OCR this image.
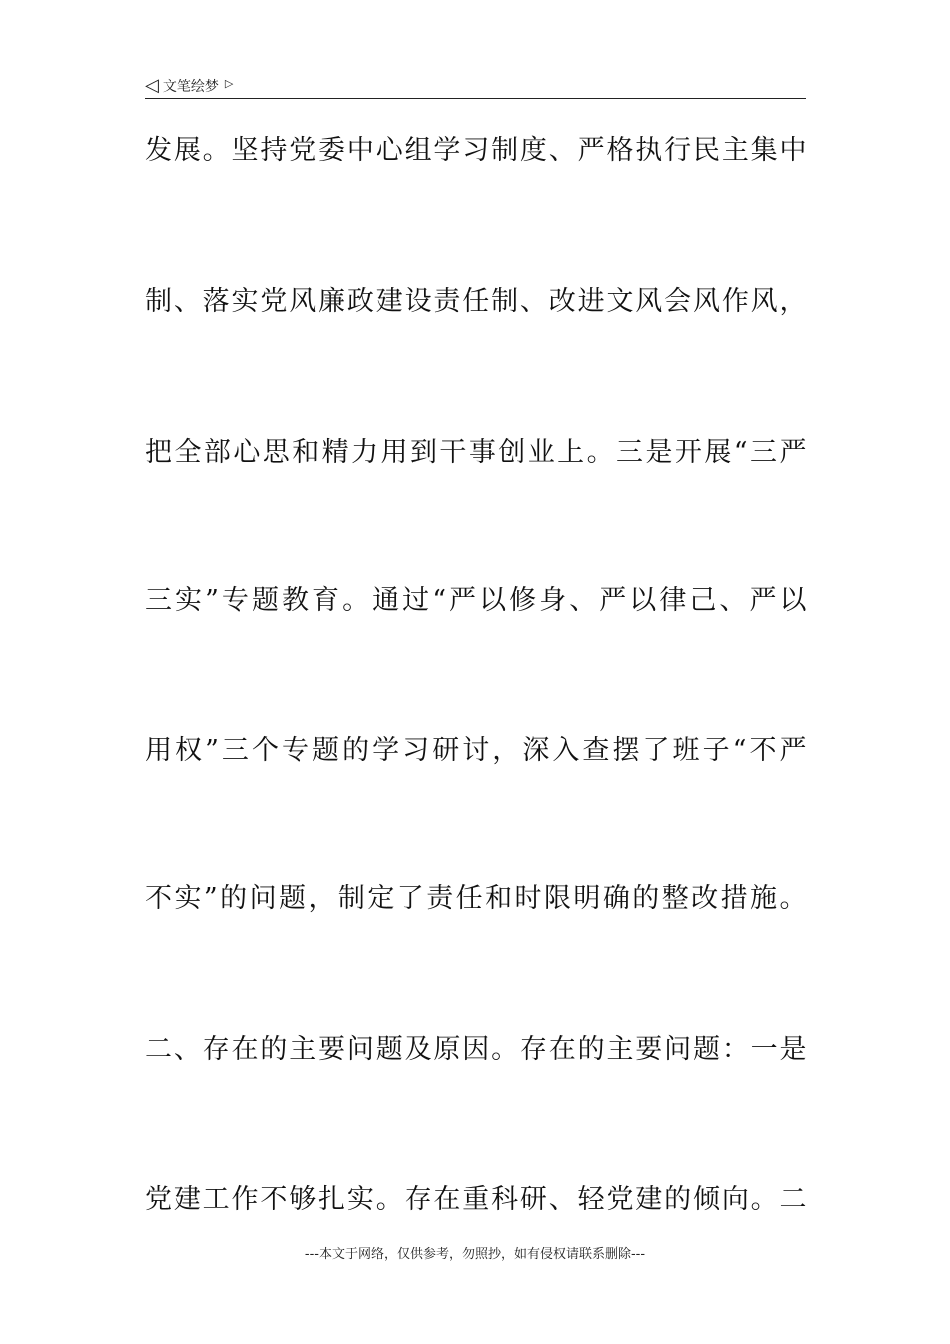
◁ 文笔绘梦 ▷
发展。坚持党委中心组学习制度、严格执行民主集中
制、落实党风廉政建设责任制、改进文风会风作风，
把全部心思和精力用到干事创业上。三是开展“三严
三实”专题教育。通过“严以修身、严以律己、严以
用权”三个专题的学习研讨，深入查摆了班子“不严
不实”的问题，制定了责任和时限明确的整改措施。
二、存在的主要问题及原因。存在的主要问题：一是
党建工作不够扎实。存在重科研、轻党建的倾向。二
---本文于网络，仅供参考，勿照抄，如有侵权请联系删除---
